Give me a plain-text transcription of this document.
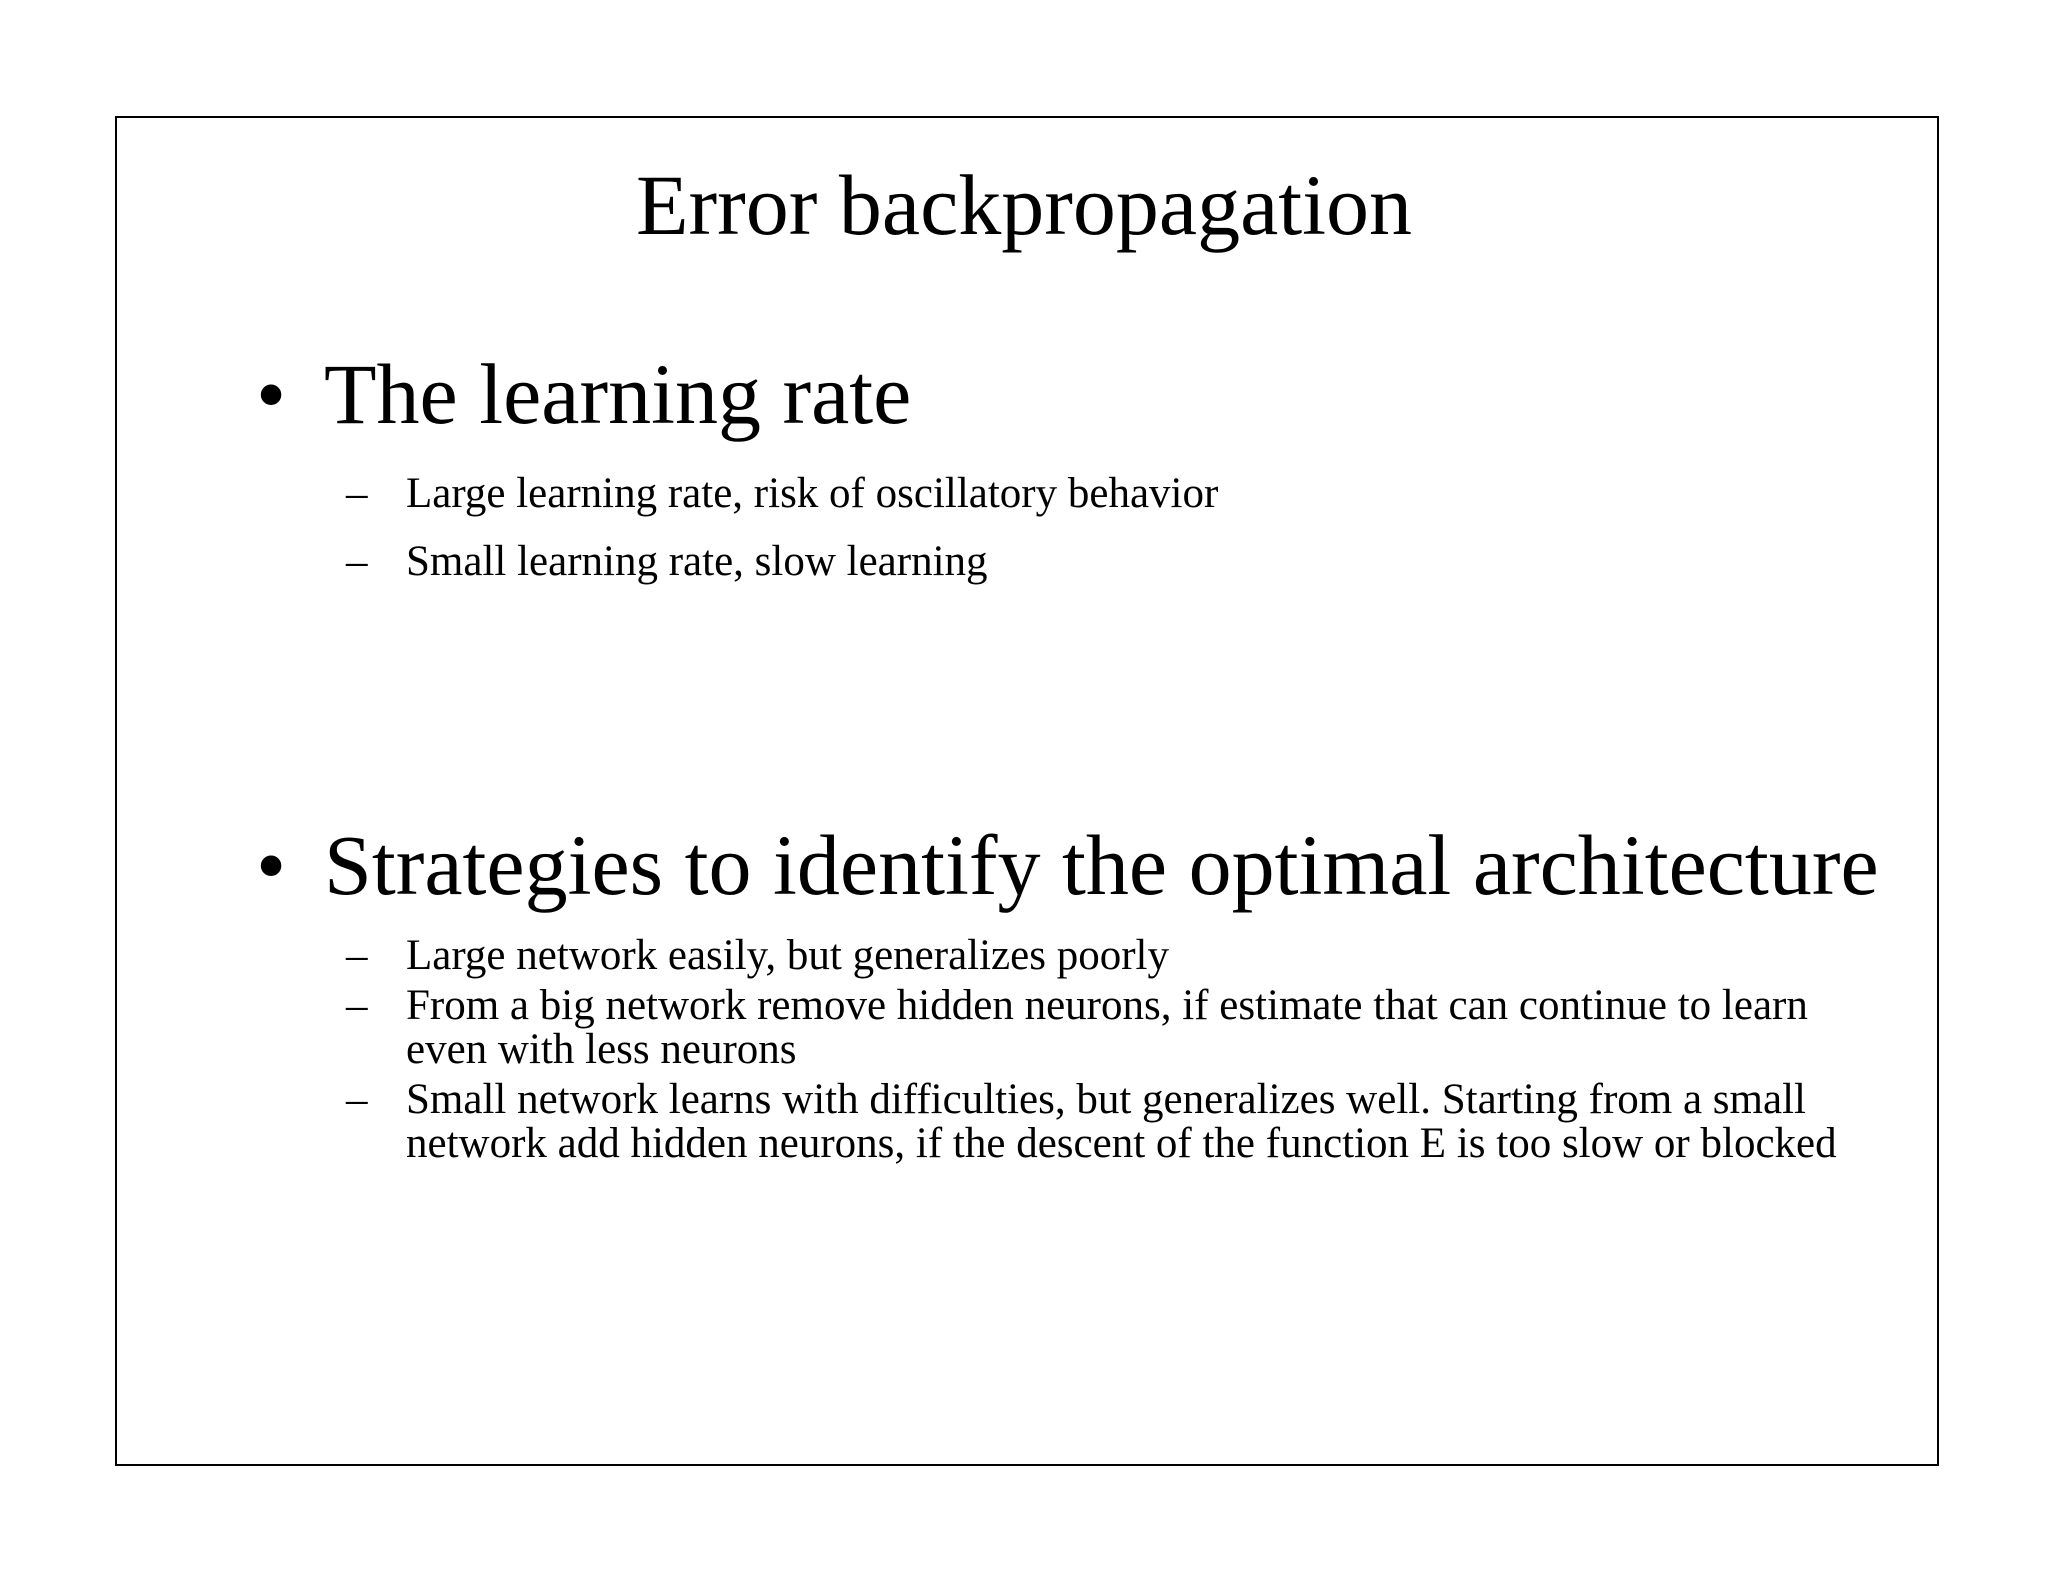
Error backpropagation
• The learning rate
– Large learning rate, risk of oscillatory behavior
– Small learning rate, slow learning
• Strategies to identify the optimal architecture
– Large network easily, but generalizes poorly
– From a big network remove hidden neurons, if estimate that can continue to learn even with less neurons
– Small network learns with difficulties, but generalizes well. Starting from a small network add hidden neurons, if the descent of the function E is too slow or blocked
